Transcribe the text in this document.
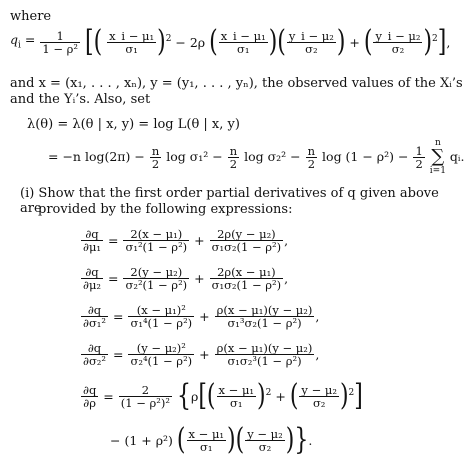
where
$q_i = \frac{1}{\text{1 − ρ²}}$ [( $\frac{\text{x\_i − μ₁}}{\text{σ₁}} )^2 - 2\rho$ ( $\frac{\text{x\_i − μ₁}}{\text{σ₁}}$ )( $\frac{\text{y\_i − μ₂}}{\text{σ₂}}$ ) + ( $\frac{\text{y\_i − μ₂}}{\text{σ₂}} )^2$],
and x = (x₁, . . . , xₙ), y = (y₁, . . . , yₙ), the observed values of the Xᵢ’s
and the Yᵢ’s. Also, set
λ(θ) = λ(θ | x, y) = log L(θ | x, y)
= −n $\log(2\pi) - \frac{n}{2}$ $\log \sigma_1^2 - \frac{n}{2}$ $\log \sigma_2^2 - \frac{n}{2}$ $\log (1 - \rho^2) - \frac{1}{2}$
n
∑
i=1 qᵢ.
(i) Show that the first order partial derivatives of q given above are
provided by the following expressions:
$\frac{\partial q}{\text{∂μ₁}} = \frac{\text{2(x − μ₁)}}{\text{σ₁²(1 − ρ²)}} + \frac{\text{2ρ(y − μ₂)}}{\text{σ₁σ₂(1 − ρ²)}}$ ,
$\frac{\partial q}{\text{∂μ₂}} = \frac{\text{2(y − μ₂)}}{\text{σ₂²(1 − ρ²)}} + \frac{\text{2ρ(x − μ₁)}}{\text{σ₁σ₂(1 − ρ²)}}$ ,
$\frac{\partial q}{\text{∂σ₁²}} = \frac{\text{(x − μ₁)²}}{\text{σ₁⁴(1 − ρ²)}} + \frac{\text{ρ(x − μ₁)(y − μ₂)}}{\text{σ₁³σ₂(1 − ρ²)}}$ ,
$\frac{\partial q}{\text{∂σ₂²}} = \frac{\text{(y − μ₂)²}}{\text{σ₂⁴(1 − ρ²)}} + \frac{\text{ρ(x − μ₁)(y − μ₂)}}{\text{σ₁σ₂³(1 − ρ²)}}$ ,
$\frac{\partial q}{\partial\rho} = \frac{2}{\text{(1 − ρ²)²}} \{\rho[( \frac{\text{x − μ₁}}{\text{σ₁}} )^2$ + ( $\frac{\text{y − μ₂}}{\text{σ₂}} )^2$]
− (1 + ρ²) ( $\frac{\text{x − μ₁}}{\text{σ₁}}$ )( $\frac{\text{y − μ₂}}{\text{σ₂}}$ )}.
